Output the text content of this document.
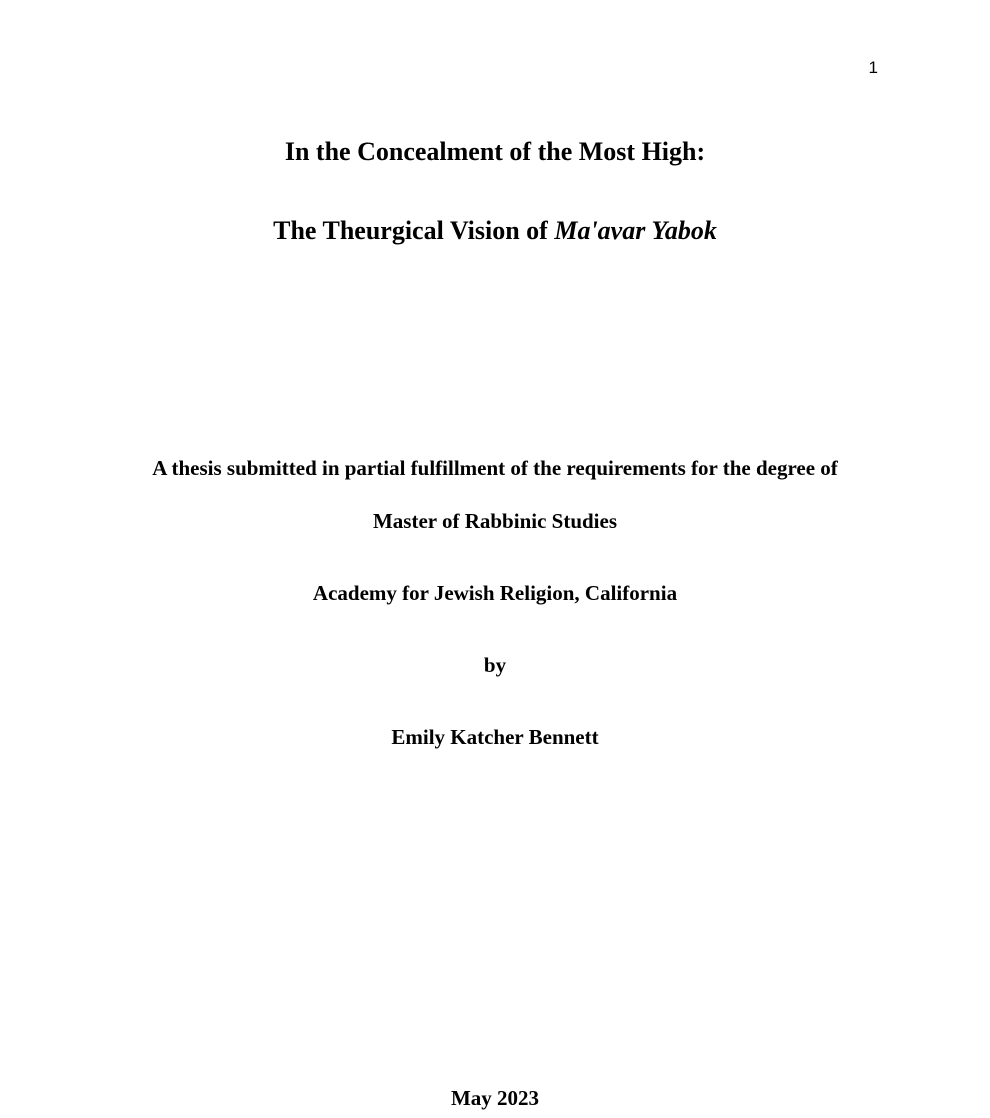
1
In the Concealment of the Most High:
The Theurgical Vision of Ma'avar Yabok
A thesis submitted in partial fulfillment of the requirements for the degree of
Master of Rabbinic Studies
Academy for Jewish Religion, California
by
Emily Katcher Bennett
May 2023
